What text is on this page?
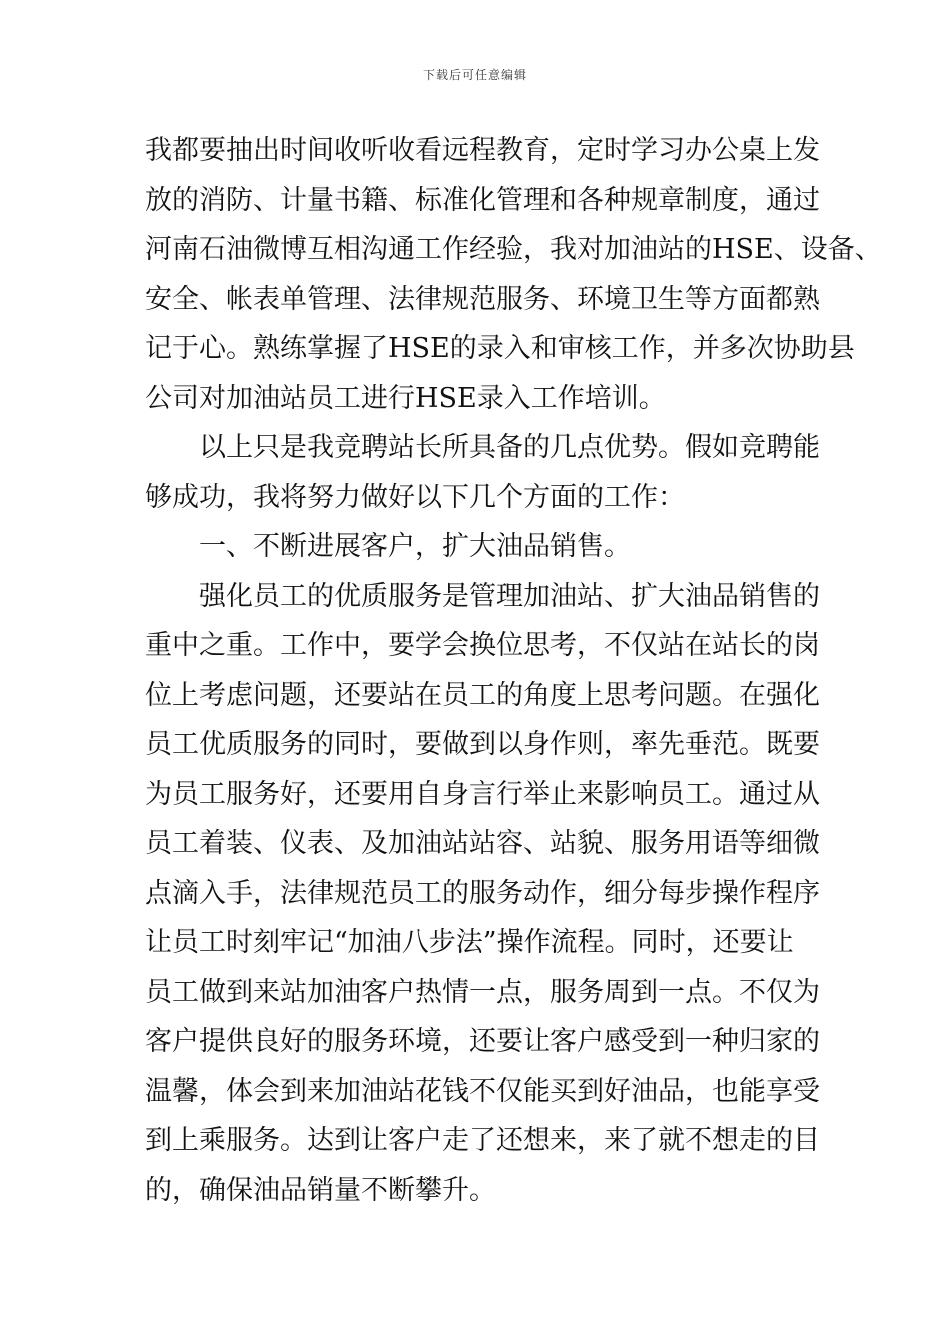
下载后可任意编辑
我都要抽出时间收听收看远程教育，定时学习办公桌上发
放的消防、计量书籍、标准化管理和各种规章制度，通过
河南石油微博互相沟通工作经验，我对加油站的HSE、设备、
安全、帐表单管理、法律规范服务、环境卫生等方面都熟
记于心。熟练掌握了HSE的录入和审核工作，并多次协助县
公司对加油站员工进行HSE录入工作培训。
以上只是我竞聘站长所具备的几点优势。假如竞聘能
够成功，我将努力做好以下几个方面的工作：
一、不断进展客户，扩大油品销售。
强化员工的优质服务是管理加油站、扩大油品销售的
重中之重。工作中，要学会换位思考，不仅站在站长的岗
位上考虑问题，还要站在员工的角度上思考问题。在强化
员工优质服务的同时，要做到以身作则，率先垂范。既要
为员工服务好，还要用自身言行举止来影响员工。通过从
员工着装、仪表、及加油站站容、站貌、服务用语等细微
点滴入手，法律规范员工的服务动作，细分每步操作程序
让员工时刻牢记“加油八步法”操作流程。同时，还要让
员工做到来站加油客户热情一点，服务周到一点。不仅为
客户提供良好的服务环境，还要让客户感受到一种归家的
温馨，体会到来加油站花钱不仅能买到好油品，也能享受
到上乘服务。达到让客户走了还想来，来了就不想走的目
的，确保油品销量不断攀升。
